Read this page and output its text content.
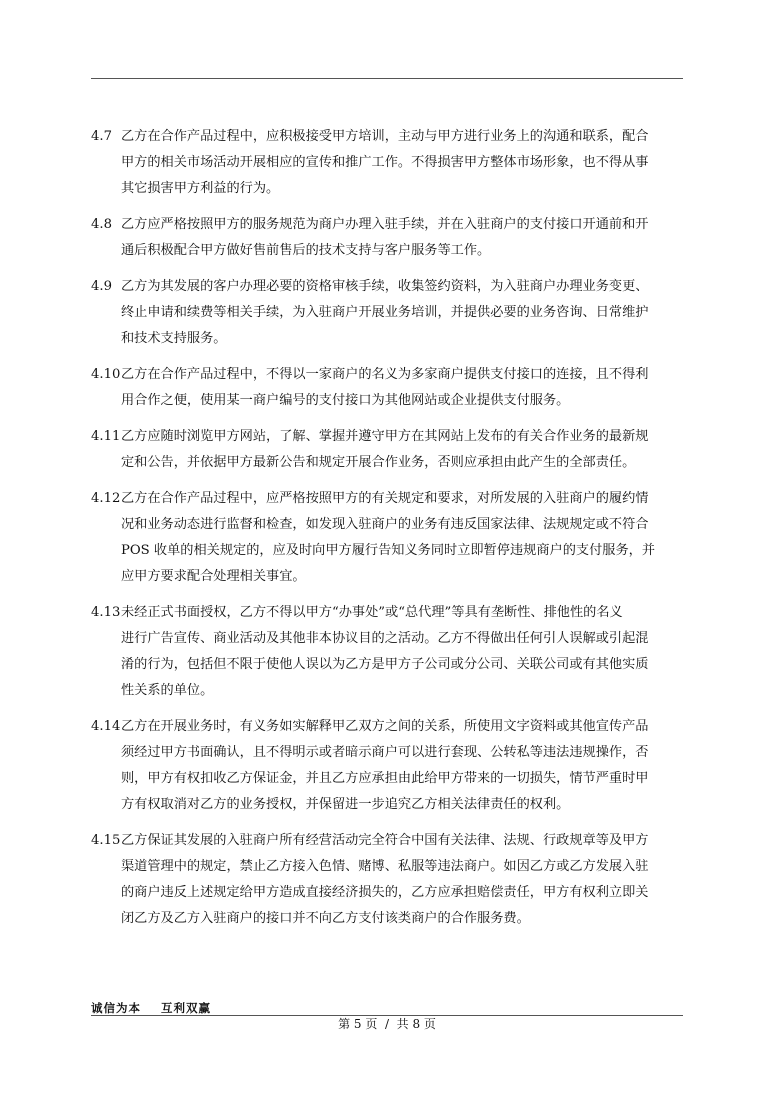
4.7 乙方在合作产品过程中，应积极接受甲方培训，主动与甲方进行业务上的沟通和联系，配合
甲方的相关市场活动开展相应的宣传和推广工作。不得损害甲方整体市场形象，也不得从事
其它损害甲方利益的行为。
4.8 乙方应严格按照甲方的服务规范为商户办理入驻手续，并在入驻商户的支付接口开通前和开
通后积极配合甲方做好售前售后的技术支持与客户服务等工作。
4.9 乙方为其发展的客户办理必要的资格审核手续，收集签约资料，为入驻商户办理业务变更、
终止申请和续费等相关手续，为入驻商户开展业务培训，并提供必要的业务咨询、日常维护
和技术支持服务。
4.10 乙方在合作产品过程中，不得以一家商户的名义为多家商户提供支付接口的连接，且不得利
用合作之便，使用某一商户编号的支付接口为其他网站或企业提供支付服务。
4.11 乙方应随时浏览甲方网站，了解、掌握并遵守甲方在其网站上发布的有关合作业务的最新规
定和公告，并依据甲方最新公告和规定开展合作业务，否则应承担由此产生的全部责任。
4.12 乙方在合作产品过程中，应严格按照甲方的有关规定和要求，对所发展的入驻商户的履约情
况和业务动态进行监督和检查，如发现入驻商户的业务有违反国家法律、法规规定或不符合
POS 收单的相关规定的，应及时向甲方履行告知义务同时立即暂停违规商户的支付服务，并
应甲方要求配合处理相关事宜。
4.13 未经正式书面授权，乙方不得以甲方“办事处”或“总代理”等具有垄断性、排他性的名义
进行广告宣传、商业活动及其他非本协议目的之活动。乙方不得做出任何引人误解或引起混
淆的行为，包括但不限于使他人误以为乙方是甲方子公司或分公司、关联公司或有其他实质
性关系的单位。
4.14 乙方在开展业务时，有义务如实解释甲乙双方之间的关系，所使用文字资料或其他宣传产品
须经过甲方书面确认，且不得明示或者暗示商户可以进行套现、公转私等违法违规操作，否
则，甲方有权扣收乙方保证金，并且乙方应承担由此给甲方带来的一切损失，情节严重时甲
方有权取消对乙方的业务授权，并保留进一步追究乙方相关法律责任的权利。
4.15 乙方保证其发展的入驻商户所有经营活动完全符合中国有关法律、法规、行政规章等及甲方
渠道管理中的规定，禁止乙方接入色情、赌博、私服等违法商户。如因乙方或乙方发展入驻
的商户违反上述规定给甲方造成直接经济损失的，乙方应承担赔偿责任，甲方有权利立即关
闭乙方及乙方入驻商户的接口并不向乙方支付该类商户的合作服务费。
诚信为本    互利双赢
第 5 页  /  共 8 页
